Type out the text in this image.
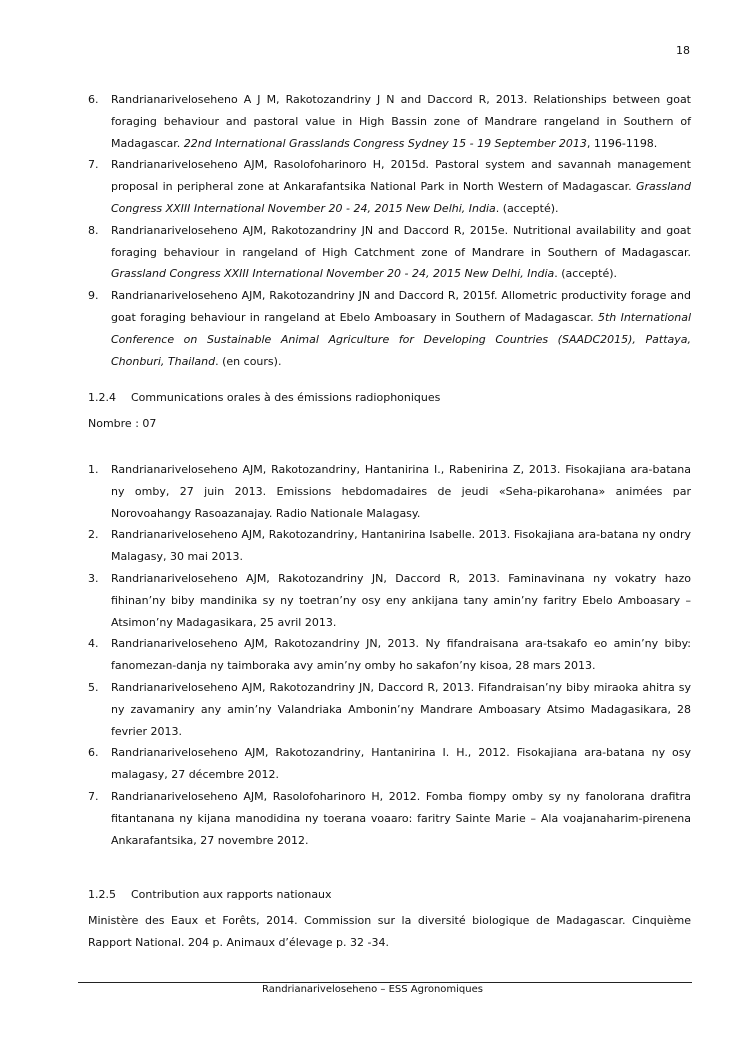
18
6. Randrianariveloseheno A J M, Rakotozandriny J N and Daccord R, 2013. Relationships between goat foraging behaviour and pastoral value in High Bassin zone of Mandrare rangeland in Southern of Madagascar. 22nd International Grasslands Congress Sydney 15 - 19 September 2013, 1196-1198.
7. Randrianariveloseheno AJM, Rasolofoharinoro H, 2015d. Pastoral system and savannah management proposal in peripheral zone at Ankarafantsika National Park in North Western of Madagascar. Grassland Congress XXIII International November 20 - 24, 2015 New Delhi, India. (accepté).
8. Randrianariveloseheno AJM, Rakotozandriny JN and Daccord R, 2015e. Nutritional availability and goat foraging behaviour in rangeland of High Catchment zone of Mandrare in Southern of Madagascar. Grassland Congress XXIII International November 20 - 24, 2015 New Delhi, India. (accepté).
9. Randrianariveloseheno AJM, Rakotozandriny JN and Daccord R, 2015f. Allometric productivity forage and goat foraging behaviour in rangeland at Ebelo Amboasary in Southern of Madagascar. 5th International Conference on Sustainable Animal Agriculture for Developing Countries (SAADC2015), Pattaya, Chonburi, Thailand. (en cours).
1.2.4 Communications orales à des émissions radiophoniques
Nombre : 07
1. Randrianariveloseheno AJM, Rakotozandriny, Hantanirina I., Rabenirina Z, 2013. Fisokajiana ara-batana ny omby, 27 juin 2013. Emissions hebdomadaires de jeudi «Seha-pikarohana» animées par Norovoahangy Rasoazanajay. Radio Nationale Malagasy.
2. Randrianariveloseheno AJM, Rakotozandriny, Hantanirina Isabelle. 2013. Fisokajiana ara-batana ny ondry Malagasy, 30 mai 2013.
3. Randrianariveloseheno AJM, Rakotozandriny JN, Daccord R, 2013. Faminavinana ny vokatry hazo fihinan’ny biby mandinika sy ny toetran’ny osy eny ankijana tany amin’ny faritry Ebelo Amboasary – Atsimon’ny Madagasikara, 25 avril 2013.
4. Randrianariveloseheno AJM, Rakotozandriny JN, 2013. Ny fifandraisana ara-tsakafo eo amin’ny biby: fanomezan-danja ny taimboraka avy amin’ny omby ho sakafon’ny kisoa, 28 mars 2013.
5. Randrianariveloseheno AJM, Rakotozandriny JN, Daccord R, 2013. Fifandraisan’ny biby miraoka ahitra sy ny zavamaniry any amin’ny Valandriaka Ambonin’ny Mandrare Amboasary Atsimo Madagasikara, 28 fevrier 2013.
6. Randrianariveloseheno AJM, Rakotozandriny, Hantanirina I. H., 2012. Fisokajiana ara-batana ny osy malagasy, 27 décembre 2012.
7. Randrianariveloseheno AJM, Rasolofoharinoro H, 2012. Fomba fiompy omby sy ny fanolorana drafitra fitantanana ny kijana manodidina ny toerana voaaro: faritry Sainte Marie – Ala voajanaharim-pirenena Ankarafantsika, 27 novembre 2012.
1.2.5 Contribution aux rapports nationaux
Ministère des Eaux et Forêts, 2014. Commission sur la diversité biologique de Madagascar. Cinquième Rapport National. 204 p. Animaux d’élevage p. 32 -34.
Randrianariveloseheno – ESS Agronomiques
